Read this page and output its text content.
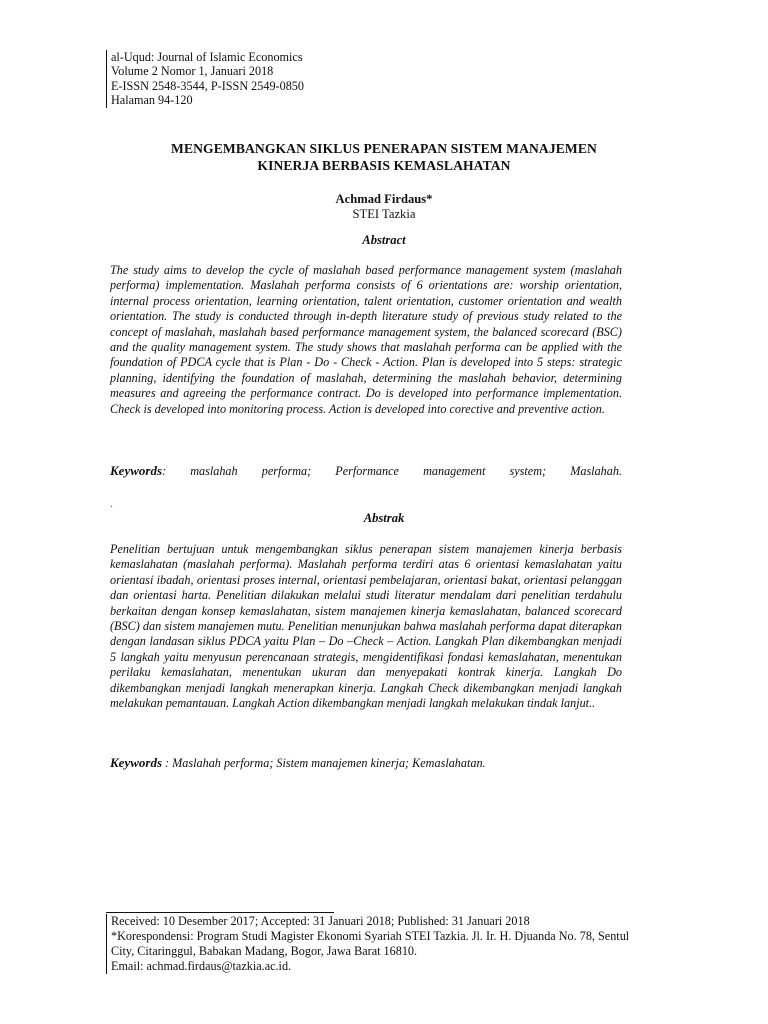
al-Uqud: Journal of Islamic Economics
Volume 2 Nomor 1, Januari 2018
E-ISSN 2548-3544, P-ISSN 2549-0850
Halaman 94-120
MENGEMBANGKAN SIKLUS PENERAPAN SISTEM MANAJEMEN
KINERJA BERBASIS KEMASLAHATAN
Achmad Firdaus*
STEI Tazkia
Abstract
The study aims to develop the cycle of maslahah based performance management system (maslahah performa) implementation. Maslahah performa consists of 6 orientations are: worship orientation, internal process orientation, learning orientation, talent orientation, customer orientation and wealth orientation. The study is conducted through in-depth literature study of previous study related to the concept of maslahah, maslahah based performance management system, the balanced scorecard (BSC) and the quality management system. The study shows that maslahah performa can be applied with the foundation of PDCA cycle that is Plan - Do - Check - Action. Plan is developed into 5 steps: strategic planning, identifying the foundation of maslahah, determining the maslahah behavior, determining measures and agreeing the performance contract. Do is developed into performance implementation. Check is developed into monitoring process. Action is developed into corective and preventive action.
Keywords: maslahah performa; Performance management system; Maslahah.
.
Abstrak
Penelitian bertujuan untuk mengembangkan siklus penerapan sistem manajemen kinerja berbasis kemaslahatan (maslahah performa). Maslahah performa terdiri atas 6 orientasi kemaslahatan yaitu orientasi ibadah, orientasi proses internal, orientasi pembelajaran, orientasi bakat, orientasi pelanggan dan orientasi harta. Penelitian dilakukan melalui studi literatur mendalam dari penelitian terdahulu berkaitan dengan konsep kemaslahatan, sistem manajemen kinerja kemaslahatan, balanced scorecard (BSC) dan sistem manajemen mutu. Penelitian menunjukan bahwa maslahah performa dapat diterapkan dengan landasan siklus PDCA yaitu Plan – Do –Check – Action. Langkah Plan dikembangkan menjadi 5 langkah yaitu menyusun perencanaan strategis, mengidentifikasi fondasi kemaslahatan, menentukan perilaku kemaslahatan, menentukan ukuran dan menyepakati kontrak kinerja. Langkah Do dikembangkan menjadi langkah menerapkan kinerja. Langkah Check dikembangkan menjadi langkah melakukan pemantauan. Langkah Action dikembangkan menjadi langkah melakukan tindak lanjut..
Keywords : Maslahah performa; Sistem manajemen kinerja; Kemaslahatan.
Received: 10 Desember 2017; Accepted: 31 Januari 2018; Published: 31 Januari 2018
*Korespondensi: Program Studi Magister Ekonomi Syariah STEI Tazkia. Jl. Ir. H. Djuanda No. 78, Sentul City, Citaringgul, Babakan Madang, Bogor, Jawa Barat 16810.
Email: achmad.firdaus@tazkia.ac.id.
